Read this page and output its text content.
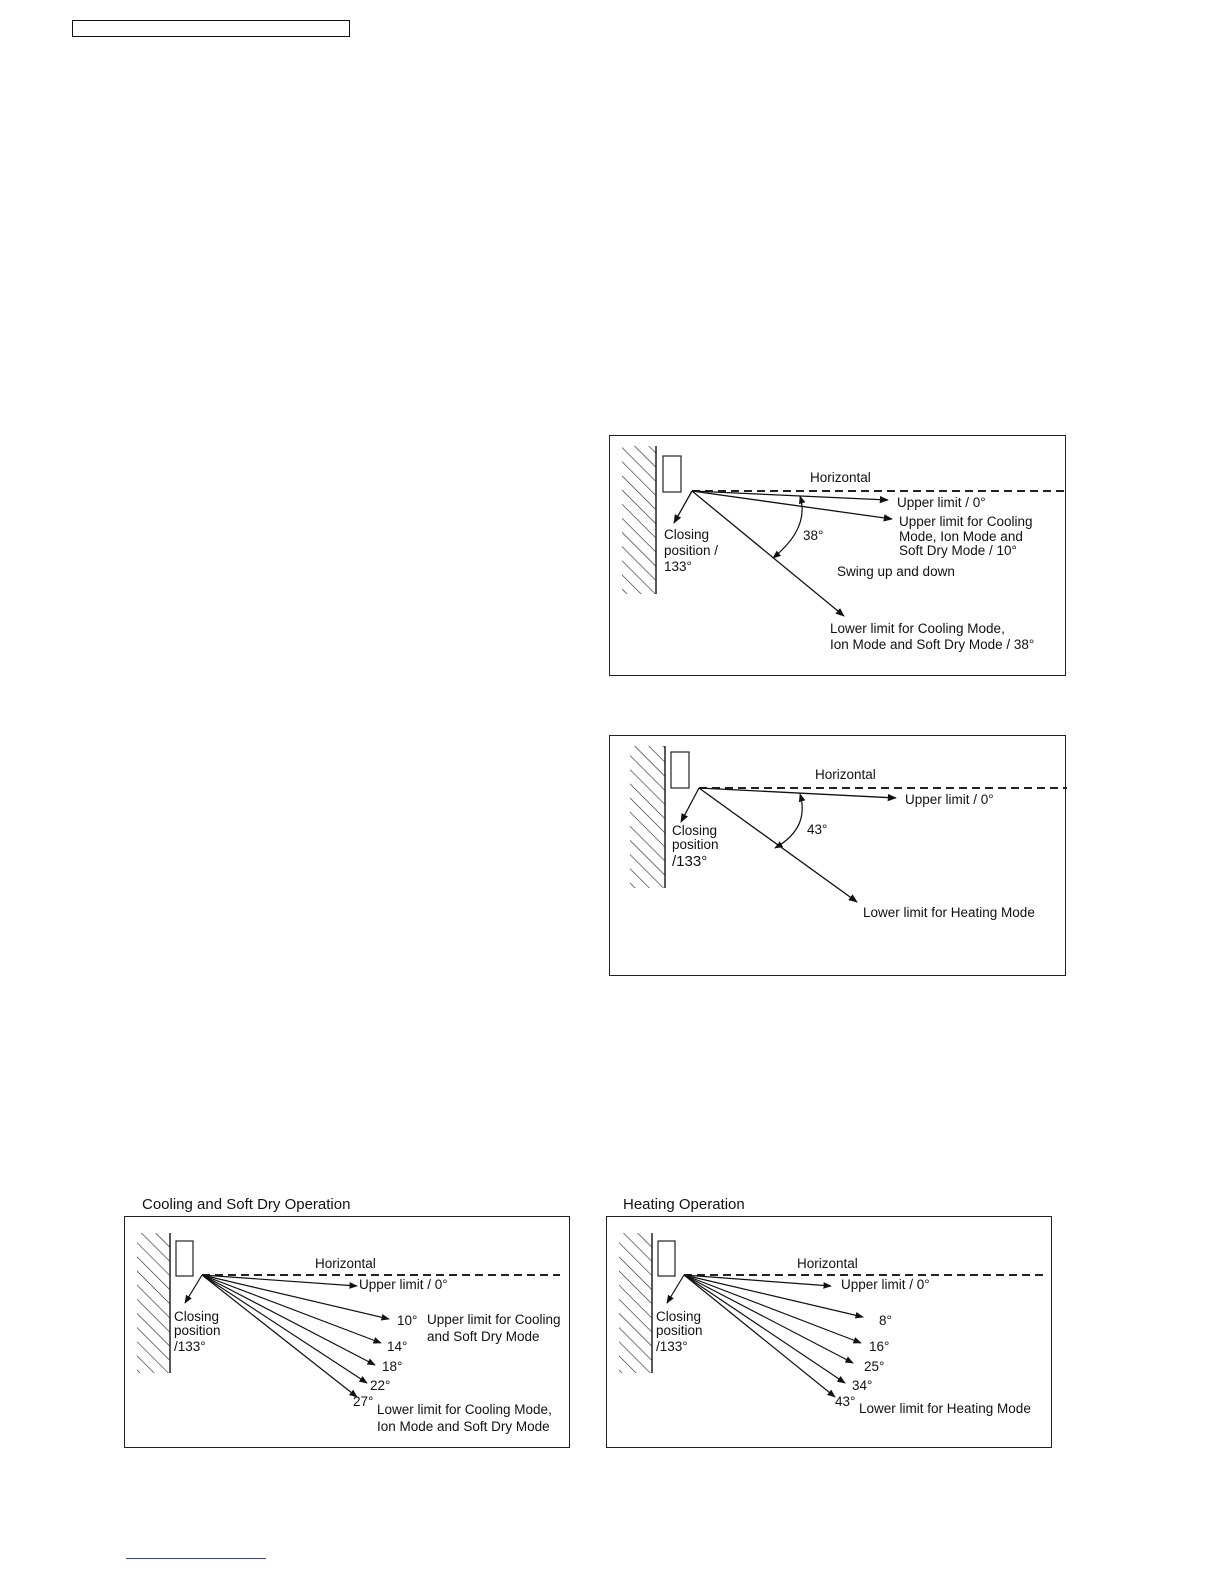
Horizontal
Upper limit / 0°
Upper limit for Cooling
Mode, Ion Mode and
Soft Dry Mode / 10°
Closing
position /
133°
38°
Swing up and down
Lower limit for Cooling Mode,
Ion Mode and Soft Dry Mode / 38°
Horizontal
Upper limit / 0°
Closing
position
/133°
43°
Lower limit for Heating Mode
Cooling and Soft Dry Operation
Horizontal
Upper limit / 0°
Closing
position
/133°
10°
14°
18°
22°
27°
Upper limit for Cooling
and Soft Dry Mode
Lower limit for Cooling Mode,
Ion Mode and Soft Dry Mode
Heating Operation
Horizontal
Upper limit / 0°
Closing
position
/133°
8°
16°
25°
34°
43° Lower limit for Heating Mode
